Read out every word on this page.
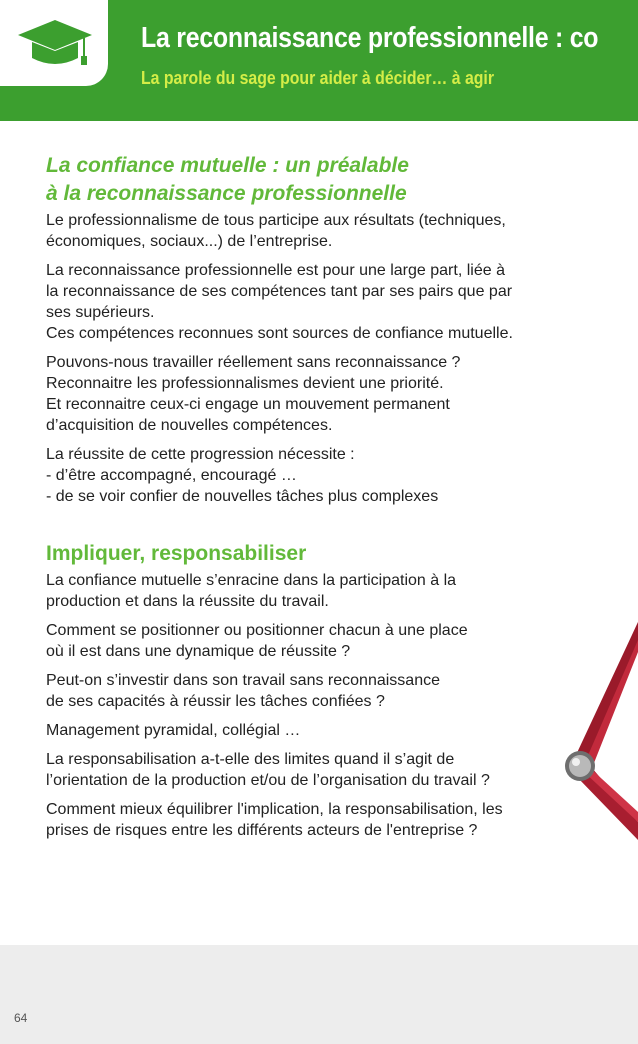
La reconnaissance professionnelle : co
La parole du sage pour aider à décider… à agir
La confiance mutuelle : un préalable
à la reconnaissance professionnelle
Le professionnalisme de tous participe aux résultats (techniques,
économiques, sociaux...) de l’entreprise.
La reconnaissance professionnelle est pour une large part, liée à
la reconnaissance de ses compétences tant par ses pairs que par
ses supérieurs.
Ces compétences reconnues sont sources de confiance mutuelle.
Pouvons-nous travailler réellement sans reconnaissance ?
Reconnaitre les professionnalismes devient une priorité.
Et reconnaitre ceux-ci engage un mouvement permanent
d’acquisition de nouvelles compétences.
La réussite de cette progression nécessite :
- d’être accompagné, encouragé …
- de se voir confier de nouvelles tâches plus complexes
Impliquer, responsabiliser
La confiance mutuelle s’enracine dans la participation à la
production et dans la réussite du travail.
Comment se positionner ou positionner chacun à une place
où il est dans une dynamique de réussite ?
Peut-on s’investir dans son travail sans reconnaissance
de ses capacités à réussir les tâches confiées ?
Management pyramidal, collégial …
La responsabilisation a-t-elle des limites quand il s’agit de
l’orientation de la production et/ou de l’organisation du travail ?
Comment mieux équilibrer l'implication, la responsabilisation, les
prises de risques entre les différents acteurs de l'entreprise ?
64
